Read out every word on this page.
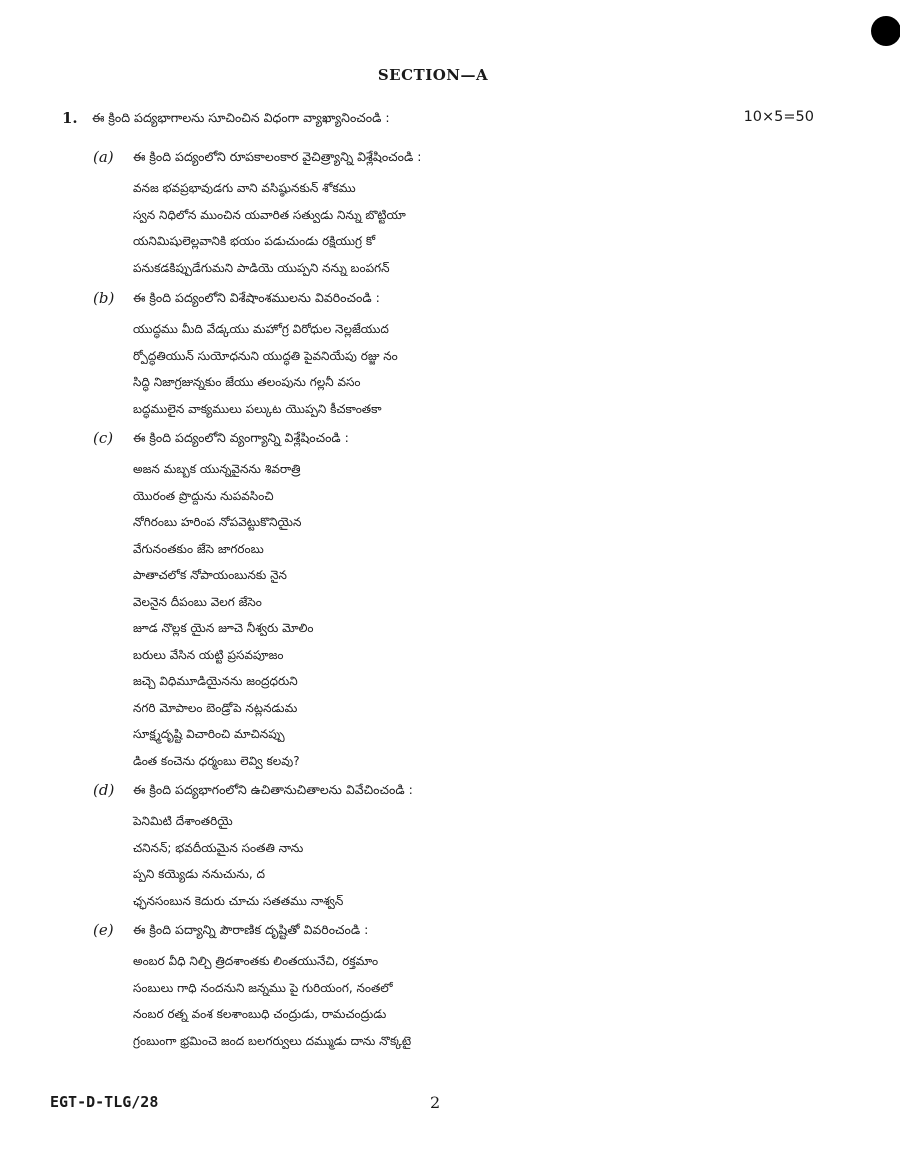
SECTION—A
1. ఈ క్రింది పద్యభాగాలను సూచించిన విధంగా వ్యాఖ్యానించండి :	10×5=50
(a) ఈ క్రింది పద్యంలోని రూపకాలంకార వైచిత్ర్యాన్ని విశ్లేషించండి :
వనజ భవప్రభావుడగు వాని వసిష్ఠునకున్ శోకము
స్వన నిధిలోన ముంచిన యవారిత సత్వుడు నిన్ను బొట్టియా
యనిమిషులెల్లవానికి భయం పడుచుండు రక్షియుగ్ర కో
పనుకడకిప్పుడేగుమని పాడియె యుప్పని నన్ను బంపగన్
(b) ఈ క్రింది పద్యంలోని విశేషాంశములను వివరించండి :
యుద్ధము మీది వేడ్కయు మహోగ్ర విరోధుల నెల్లజేయుద
ర్పోద్ధతియున్ సుయోధనుని యుద్ధతి పైవనియేపు రజ్జు నం
సిద్ధి నిజాగ్రజున్నకుం జేయు తలంపును గల్లనీ వసం
బద్ధములైన వాక్యములు పల్కుట యొప్పని కీచకాంతకా
(c) ఈ క్రింది పద్యంలోని వ్యంగ్యాన్ని విశ్లేషించండి :
అజన మబ్బక యున్నవైనను శివరాత్రి
యొరంత ప్రొద్దును నుపవసించి
నోగిరంబు హరింప నోపవెట్టుకొనియైన
వేగునంతకుం జేసె జాగరంబు
పాతాచలోక నోపాయంబునకు నైన
వెలనైన దీపంబు వెలగ జేసెం
జూడ నొల్లక యైన జూచె నీశ్వరు మోలిం
బరులు వేసిన యట్టి ప్రసవపూజం
జచ్చె విధిమూడియైనను జంద్రధరుని
నగరి మోపాలం బెండ్రోపె నట్లనడుమ
సూక్ష్మదృష్టి విచారించి మాచినప్పు
డింత కంచెను ధర్మంబు లెవ్వి కలవు?
(d) ఈ క్రింది పద్యభాగంలోని ఉచితానుచితాలను వివేచించండి :
పెనిమిటి దేశాంతరియై
చనినన్; భవదీయమైన సంతతి నాను
ప్పని కయ్యెడు ననుచును, ద
ఛ్ఛనసంబున కెదురు చూచు సతతము నాశ్వన్
(e) ఈ క్రింది పద్యాన్ని పౌరాణిక దృష్టితో వివరించండి :
అంబర వీధి నిల్చి త్రిదశాంతకు లింతయునేచి, రక్తమాం
సంబులు గాధి నందనుని జన్నము పై గురియంగ, నంతలో
నంబర రత్న వంశ కలశాంబుధి చంద్రుడు, రామచంద్రుడు
గ్రంబుంగా భ్రమించె జంద బలగర్వులు దమ్ముడు దాను నొక్కటై
EGT-D-TLG/28	2
